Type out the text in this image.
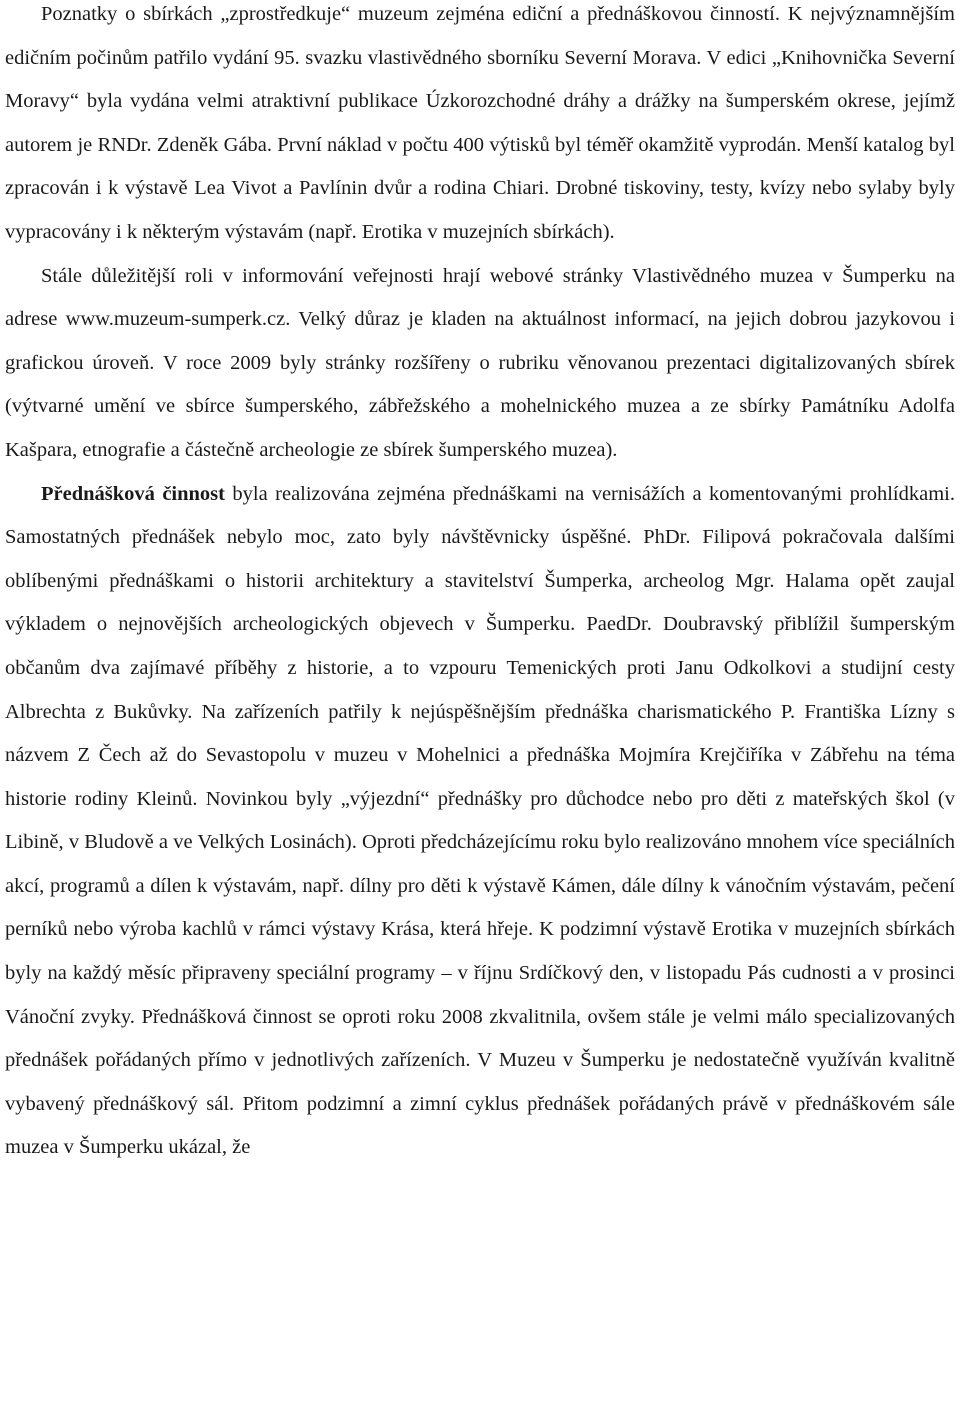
Poznatky o sbírkách „zprostředkuje“ muzeum zejména ediční a přednáškovou činností. K nejvýznamnějším edičním počinům patřilo vydání 95. svazku vlastivědného sborníku Severní Morava. V edici „Knihovnička Severní Moravy“ byla vydána velmi atraktivní publikace Úzkorozchodné dráhy a drážky na šumperském okrese, jejímž autorem je RNDr. Zdeněk Gába. První náklad v počtu 400 výtisků byl téměř okamžitě vyprodán. Menší katalog byl zpracován i k výstavě Lea Vivot a Pavlínin dvůr a rodina Chiari. Drobné tiskoviny, testy, kvízy nebo sylaby byly vypracovány i k některým výstavám (např. Erotika v muzejních sbírkách).

Stále důležitější roli v informování veřejnosti hrají webové stránky Vlastivědného muzea v Šumperku na adrese www.muzeum-sumperk.cz. Velký důraz je kladen na aktuálnost informací, na jejich dobrou jazykovou i grafickou úroveň. V roce 2009 byly stránky rozšířeny o rubriku věnovanou prezentaci digitalizovaných sbírek (výtvarné umění ve sbírce šumperského, zábřežského a mohelnického muzea a ze sbírky Památníku Adolfa Kašpara, etnografie a částečně archeologie ze sbírek šumperského muzea).

Přednášková činnost byla realizována zejména přednáškami na vernisážích a komentovanými prohlídkami. Samostatných přednášek nebylo moc, zato byly návštěvnicky úspěšné. PhDr. Filipová pokračovala dalšími oblíbenými přednáškami o historii architektury a stavitelství Šumperka, archeolog Mgr. Halama opět zaujal výkladem o nejnovějších archeologických objevech v Šumperku. PaedDr. Doubravský přiblížil šumperským občanům dva zajímavé příběhy z historie, a to vzpouru Temenických proti Janu Odkolkovi a studijní cesty Albrechta z Bukůvky. Na zařízeních patřily k nejúspěšnějším přednáška charismatického P. Františka Lízny s názvem Z Čech až do Sevastopolu v muzeu v Mohelnici a přednáška Mojmíra Krejčiříka v Zábřehu na téma historie rodiny Kleinů. Novinkou byly „výjezdní“ přednášky pro důchodce nebo pro děti z mateřských škol (v Libině, v Bludově a ve Velkých Losinách). Oproti předcházejícímu roku bylo realizováno mnohem více speciálních akcí, programů a dílen k výstavám, např. dílny pro děti k výstavě Kámen, dále dílny k vánočním výstavám, pečení perníků nebo výroba kachlů v rámci výstavy Krása, která hřeje. K podzimní výstavě Erotika v muzejních sbírkách byly na každý měsíc připraveny speciální programy – v říjnu Srdíčkový den, v listopadu Pás cudnosti a v prosinci Vánoční zvyky. Přednášková činnost se oproti roku 2008 zkvalitnila, ovšem stále je velmi málo specializovaných přednášek pořádaných přímo v jednotlivých zařízeních. V Muzeu v Šumperku je nedostatečně využíván kvalitně vybavený přednáškový sál. Přitom podzimní a zimní cyklus přednášek pořádaných právě v přednáškovém sále muzea v Šumperku ukázal, že
